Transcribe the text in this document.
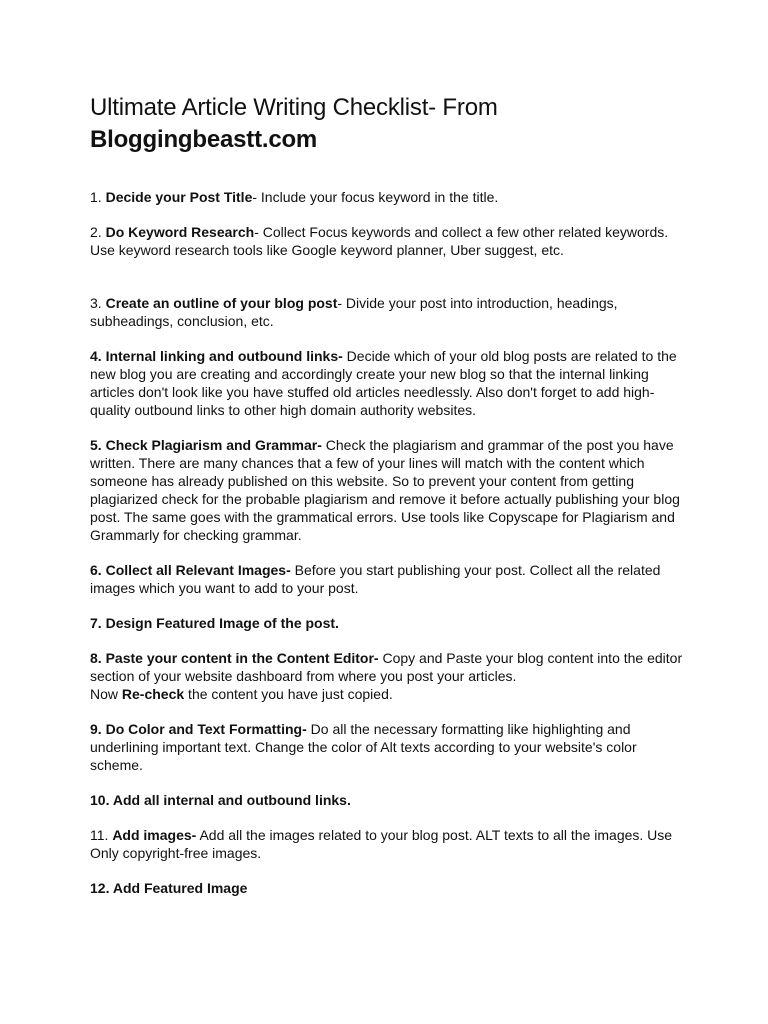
Ultimate Article Writing Checklist- From
Bloggingbeastt.com

1. Decide your Post Title- Include your focus keyword in the title.

2. Do Keyword Research- Collect Focus keywords and collect a few other related keywords. Use keyword research tools like Google keyword planner, Uber suggest, etc.

3. Create an outline of your blog post- Divide your post into introduction, headings, subheadings, conclusion, etc.

4. Internal linking and outbound links- Decide which of your old blog posts are related to the new blog you are creating and accordingly create your new blog so that the internal linking articles don't look like you have stuffed old articles needlessly. Also don't forget to add high-quality outbound links to other high domain authority websites.

5. Check Plagiarism and Grammar- Check the plagiarism and grammar of the post you have written. There are many chances that a few of your lines will match with the content which someone has already published on this website. So to prevent your content from getting plagiarized check for the probable plagiarism and remove it before actually publishing your blog post. The same goes with the grammatical errors. Use tools like Copyscape for Plagiarism and Grammarly for checking grammar.

6. Collect all Relevant Images- Before you start publishing your post. Collect all the related images which you want to add to your post.

7. Design Featured Image of the post.

8. Paste your content in the Content Editor- Copy and Paste your blog content into the editor section of your website dashboard from where you post your articles.
Now Re-check the content you have just copied.

9. Do Color and Text Formatting- Do all the necessary formatting like highlighting and underlining important text. Change the color of Alt texts according to your website's color scheme.

10. Add all internal and outbound links.

11. Add images- Add all the images related to your blog post. ALT texts to all the images. Use Only copyright-free images.

12. Add Featured Image
